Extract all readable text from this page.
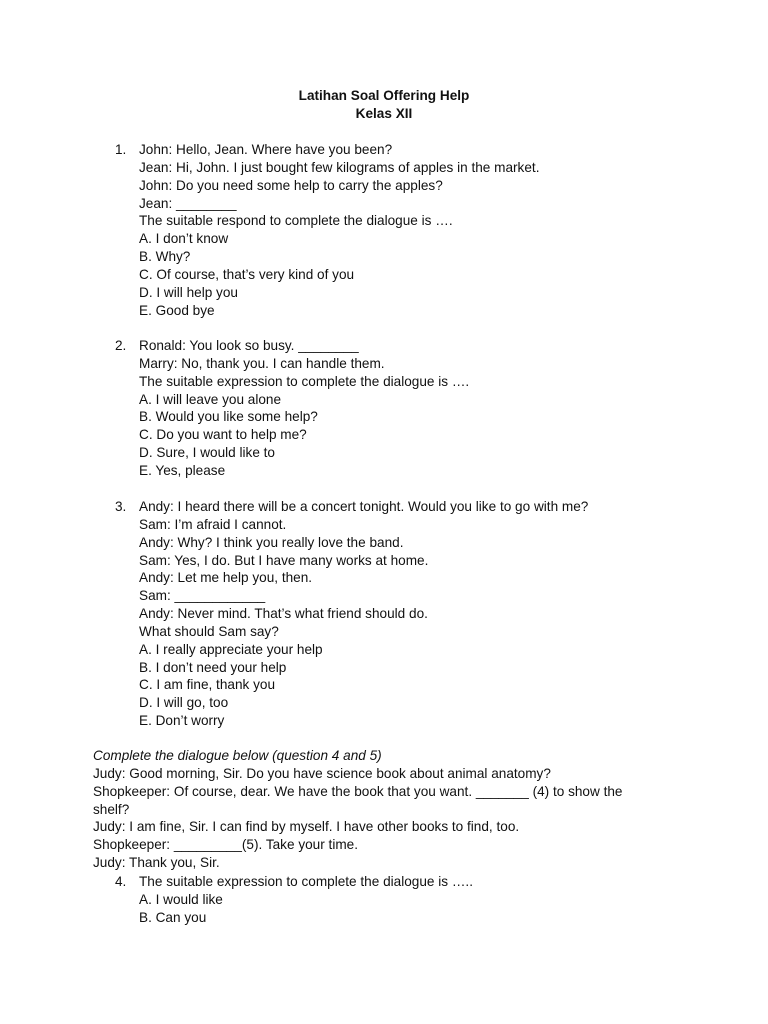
Latihan Soal Offering Help
Kelas XII
1. John: Hello, Jean. Where have you been?
Jean: Hi, John. I just bought few kilograms of apples in the market.
John: Do you need some help to carry the apples?
Jean: ________
The suitable respond to complete the dialogue is ….
A. I don’t know
B. Why?
C. Of course, that’s very kind of you
D. I will help you
E. Good bye
2. Ronald: You look so busy. ________
Marry: No, thank you. I can handle them.
The suitable expression to complete the dialogue is ….
A. I will leave you alone
B. Would you like some help?
C. Do you want to help me?
D. Sure, I would like to
E. Yes, please
3. Andy: I heard there will be a concert tonight. Would you like to go with me?
Sam: I’m afraid I cannot.
Andy: Why? I think you really love the band.
Sam: Yes, I do. But I have many works at home.
Andy: Let me help you, then.
Sam: ____________
Andy: Never mind. That’s what friend should do.
What should Sam say?
A. I really appreciate your help
B. I don’t need your help
C. I am fine, thank you
D. I will go, too
E. Don’t worry
Complete the dialogue below (question 4 and 5)
Judy: Good morning, Sir. Do you have science book about animal anatomy?
Shopkeeper: Of course, dear. We have the book that you want. _______ (4) to show the shelf?
Judy: I am fine, Sir. I can find by myself. I have other books to find, too.
Shopkeeper: _________(5). Take your time.
Judy: Thank you, Sir.
4. The suitable expression to complete the dialogue is …..
A. I would like
B. Can you
